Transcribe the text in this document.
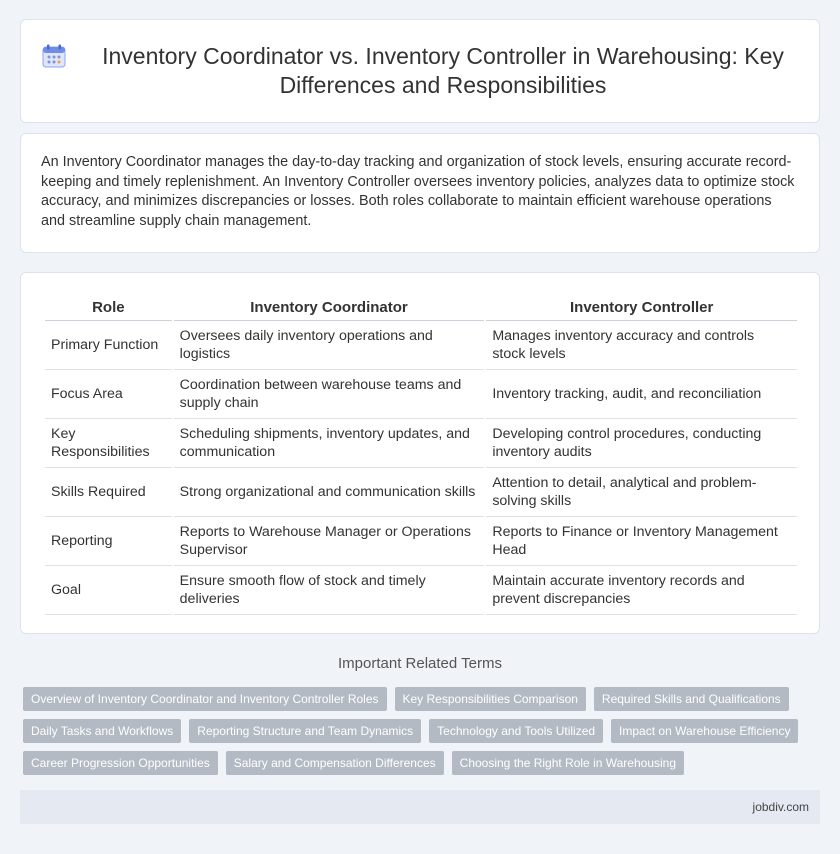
Inventory Coordinator vs. Inventory Controller in Warehousing: Key Differences and Responsibilities

An Inventory Coordinator manages the day-to-day tracking and organization of stock levels, ensuring accurate record-keeping and timely replenishment. An Inventory Controller oversees inventory policies, analyzes data to optimize stock accuracy, and minimizes discrepancies or losses. Both roles collaborate to maintain efficient warehouse operations and streamline supply chain management.

Role	Inventory Coordinator	Inventory Controller
Primary Function	Oversees daily inventory operations and logistics	Manages inventory accuracy and controls stock levels
Focus Area	Coordination between warehouse teams and supply chain	Inventory tracking, audit, and reconciliation
Key Responsibilities	Scheduling shipments, inventory updates, and communication	Developing control procedures, conducting inventory audits
Skills Required	Strong organizational and communication skills	Attention to detail, analytical and problem-solving skills
Reporting	Reports to Warehouse Manager or Operations Supervisor	Reports to Finance or Inventory Management Head
Goal	Ensure smooth flow of stock and timely deliveries	Maintain accurate inventory records and prevent discrepancies
Important Related Terms
Overview of Inventory Coordinator and Inventory Controller Roles	Key Responsibilities Comparison	Required Skills and Qualifications
Daily Tasks and Workflows	Reporting Structure and Team Dynamics	Technology and Tools Utilized	Impact on Warehouse Efficiency
Career Progression Opportunities	Salary and Compensation Differences	Choosing the Right Role in Warehousing
jobdiv.com
